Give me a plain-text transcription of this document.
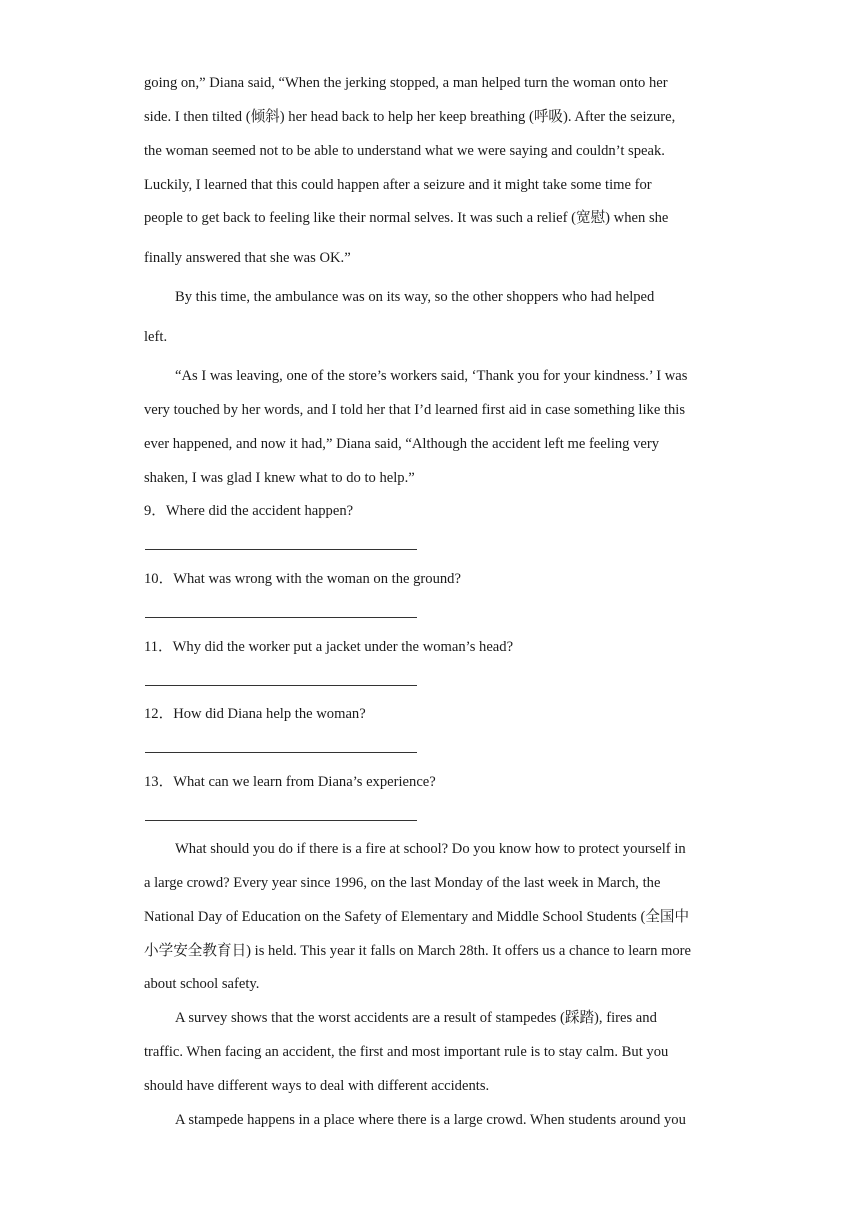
going on,” Diana said, “When the jerking stopped, a man helped turn the woman onto her
side. I then tilted (倾斜) her head back to help her keep breathing (呼吸). After the seizure,
the woman seemed not to be able to understand what we were saying and couldn’t speak.
Luckily, I learned that this could happen after a seizure and it might take some time for
people to get back to feeling like their normal selves. It was such a relief (宽慰) when she
finally answered that she was OK.”
By this time, the ambulance was on its way, so the other shoppers who had helped
left.
“As I was leaving, one of the store’s workers said, ‘Thank you for your kindness.’ I was
very touched by her words, and I told her that I’d learned first aid in case something like this
ever happened, and now it had,” Diana said, “Although the accident left me feeling very
shaken, I was glad I knew what to do to help.”
9．Where did the accident happen?
10．What was wrong with the woman on the ground?
11．Why did the worker put a jacket under the woman’s head?
12．How did Diana help the woman?
13．What can we learn from Diana’s experience?
What should you do if there is a fire at school? Do you know how to protect yourself in
a large crowd? Every year since 1996, on the last Monday of the last week in March, the
National Day of Education on the Safety of Elementary and Middle School Students (全国中
小学安全教育日) is held. This year it falls on March 28th. It offers us a chance to learn more
about school safety.
A survey shows that the worst accidents are a result of stampedes (踩踏), fires and
traffic. When facing an accident, the first and most important rule is to stay calm. But you
should have different ways to deal with different accidents.
A stampede happens in a place where there is a large crowd. When students around you
